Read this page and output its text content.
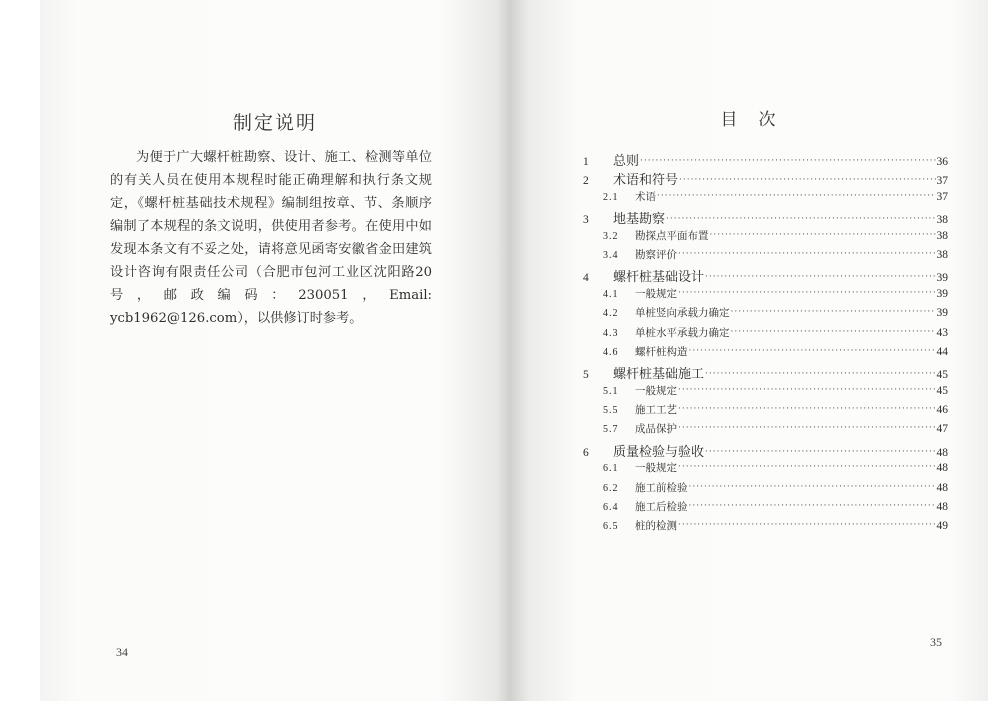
制定说明

为便于广大螺杆桩勘察、设计、施工、检测等单位的有关人员在使用本规程时能正确理解和执行条文规定，《螺杆桩基础技术规程》编制组按章、节、条顺序编制了本规程的条文说明，供使用者参考。在使用中如发现本条文有不妥之处，请将意见函寄安徽省金田建筑设计咨询有限责任公司（合肥市包河工业区沈阳路20号，邮政编码：230051，Email: ycb1962@126.com），以供修订时参考。

34
目　次
1	总则 ·····	36
2	术语和符号 ·····	37
2.1	术语 ·····	37
3	地基勘察 ·····	38
3.2	勘探点平面布置 ·····	38
3.4	勘察评价 ·····	38
4	螺杆桩基础设计 ·····	39
4.1	一般规定 ·····	39
4.2	单桩竖向承载力确定 ·····	39
4.3	单桩水平承载力确定 ·····	43
4.6	螺杆桩构造 ·····	44
5	螺杆桩基础施工 ·····	45
5.1	一般规定 ·····	45
5.5	施工工艺 ·····	46
5.7	成品保护 ·····	47
6	质量检验与验收 ·····	48
6.1	一般规定 ·····	48
6.2	施工前检验 ·····	48
6.4	施工后检验 ·····	48
6.5	桩的检测 ·····	49
35
